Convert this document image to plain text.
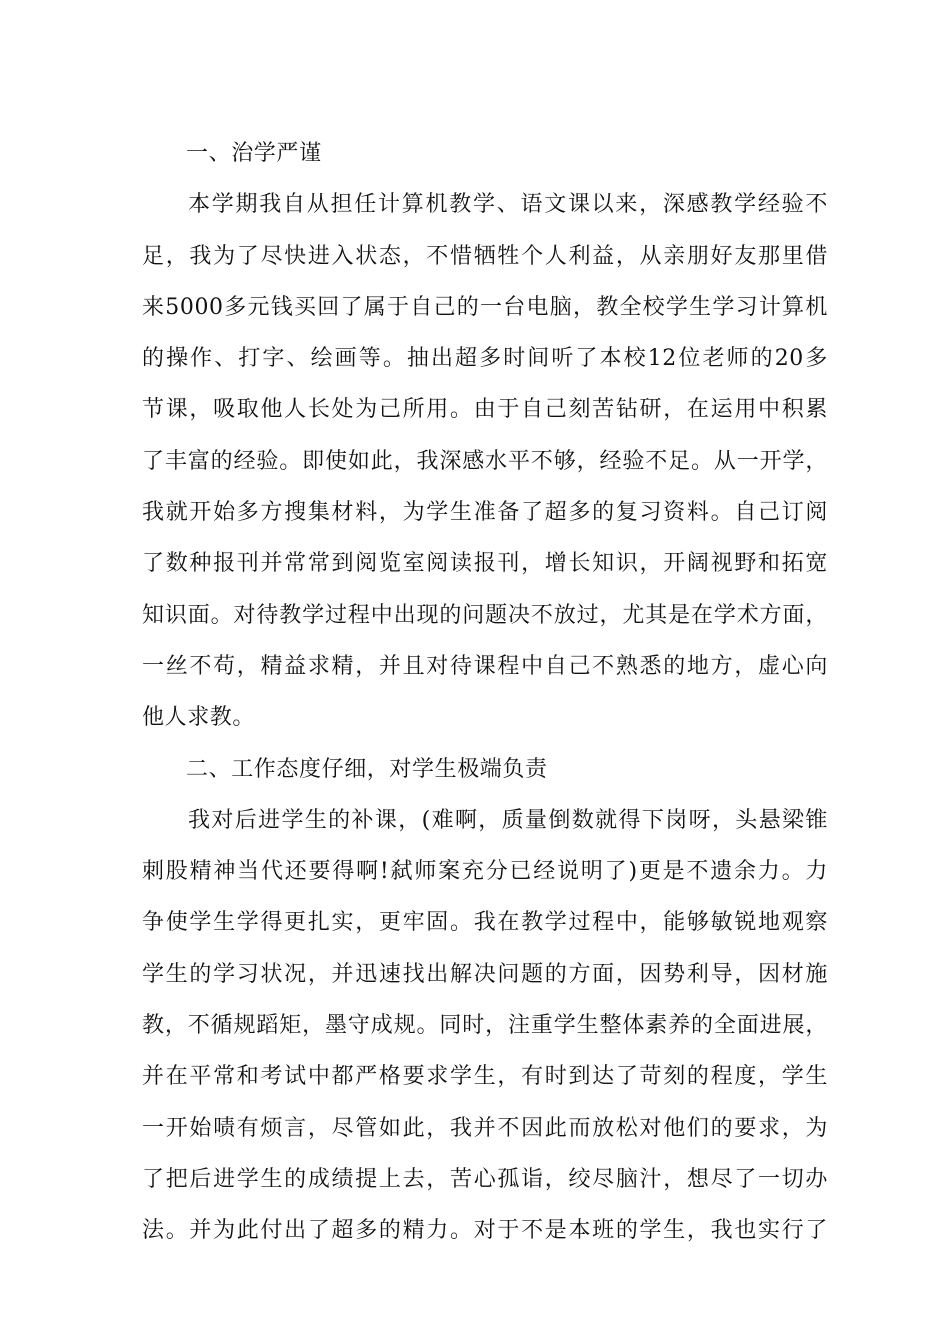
一、治学严谨
本学期我自从担任计算机教学、语文课以来，深感教学经验不
足，我为了尽快进入状态，不惜牺牲个人利益，从亲朋好友那里借
来5000多元钱买回了属于自己的一台电脑，教全校学生学习计算机
的操作、打字、绘画等。抽出超多时间听了本校12位老师的20多
节课，吸取他人长处为己所用。由于自己刻苦钻研，在运用中积累
了丰富的经验。即使如此，我深感水平不够，经验不足。从一开学，
我就开始多方搜集材料，为学生准备了超多的复习资料。自己订阅
了数种报刊并常常到阅览室阅读报刊，增长知识，开阔视野和拓宽
知识面。对待教学过程中出现的问题决不放过，尤其是在学术方面，
一丝不苟，精益求精，并且对待课程中自己不熟悉的地方，虚心向
他人求教。
二、工作态度仔细，对学生极端负责
我对后进学生的补课，(难啊，质量倒数就得下岗呀，头悬梁锥
刺股精神当代还要得啊!弑师案充分已经说明了)更是不遗余力。力
争使学生学得更扎实，更牢固。我在教学过程中，能够敏锐地观察
学生的学习状况，并迅速找出解决问题的方面，因势利导，因材施
教，不循规蹈矩，墨守成规。同时，注重学生整体素养的全面进展，
并在平常和考试中都严格要求学生，有时到达了苛刻的程度，学生
一开始啧有烦言，尽管如此，我并不因此而放松对他们的要求，为
了把后进学生的成绩提上去，苦心孤诣，绞尽脑汁，想尽了一切办
法。并为此付出了超多的精力。对于不是本班的学生，我也实行了
